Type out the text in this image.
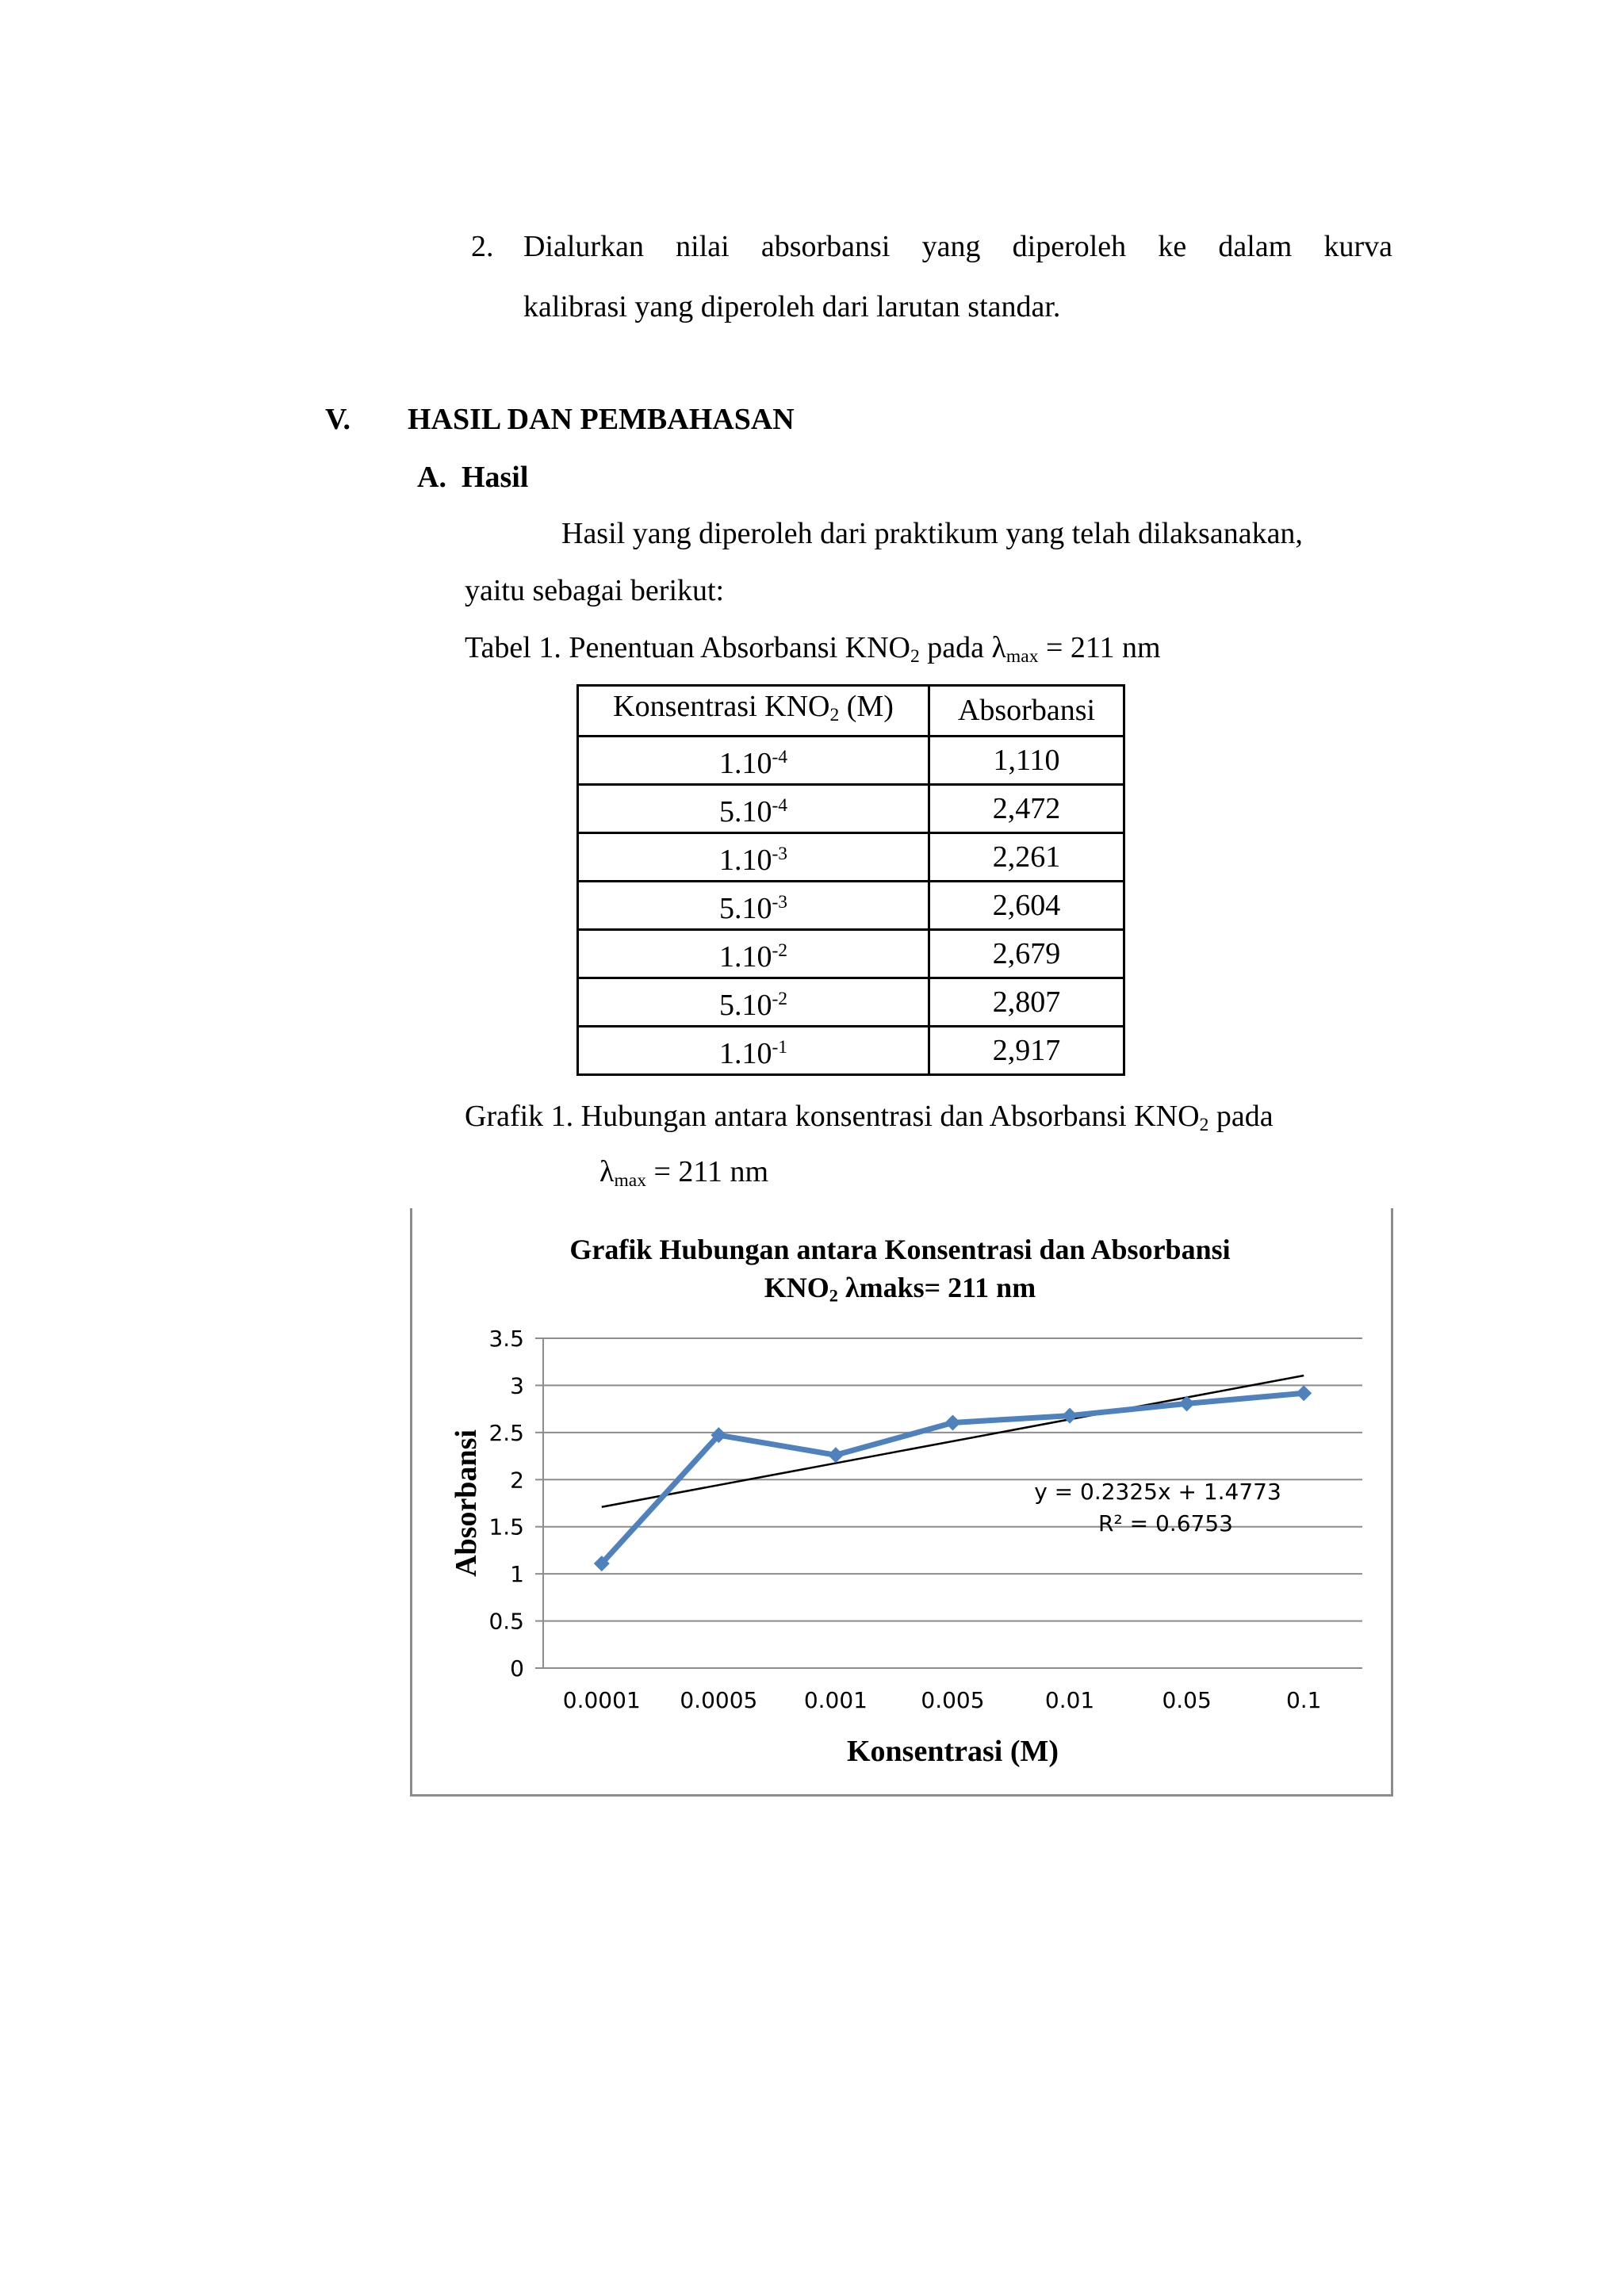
2. Dialurkan nilai absorbansi yang diperoleh ke dalam kurva
kalibrasi yang diperoleh dari larutan standar.
V. HASIL DAN PEMBAHASAN
A. Hasil
Hasil yang diperoleh dari praktikum yang telah dilaksanakan,
yaitu sebagai berikut:
Tabel 1. Penentuan Absorbansi $KNO_2$ pada $\lambda_{max} = 211$ nm
Konsentrasi $KNO_2$ (M)	Absorbansi
$1.10^{-4}$	1,110
$5.10^{-4}$	2,472
$1.10^{-3}$	2,261
$5.10^{-3}$	2,604
$1.10^{-2}$	2,679
$5.10^{-2}$	2,807
$1.10^{-1}$	2,917
Grafik 1. Hubungan antara konsentrasi dan Absorbansi $KNO_2$ pada
$\lambda_{max} = 211$ nm
Grafik Hubungan antara Konsentrasi dan Absorbansi
$KNO_2$ λmaks= 211 nm
0
0.5
1
1.5
2
2.5
3
3.5
0.0001 0.0005 0.001 0.005	0.01	0.05	0.1
Konsentrasi (M)
Absorbansi	y = 0.2325x + 1.4773
R² = 0.6753
